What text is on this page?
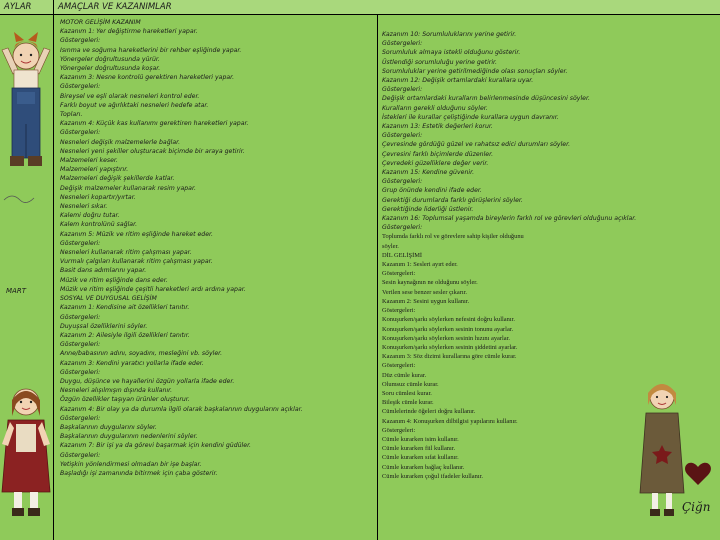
AYLAR	AMAÇLAR VE KAZANIMLAR
MART
MOTOR GELİŞİM KAZANIM
Kazanım 1: Yer değiştirme hareketleri yapar.
Göstergeleri:
Isınma ve soğuma hareketlerini bir rehber eşliğinde yapar.
Yönergeler doğrultusunda yürür.
Yönergeler doğrultusunda koşar.
Kazanım 3: Nesne kontrolü gerektiren hareketleri yapar.
Göstergeleri:
Bireysel ve eşli olarak nesneleri kontrol eder.
Farklı boyut ve ağırlıktaki nesneleri hedefe atar.
Topları.
Kazanım 4: Küçük kas kullanımı gerektiren hareketleri yapar.
Göstergeleri:
Nesneleri değişik malzemelerle bağlar.
Nesneleri yeni şekiller oluşturacak biçimde bir araya getirir.
Malzemeleri keser.
Malzemeleri yapıştırır.
Malzemeleri değişik şekillerde katlar.
Değişik malzemeler kullanarak resim yapar.
Nesneleri kopartır/yırtar.
Nesneleri sıkar.
Kalemi doğru tutar.
Kalem kontrolünü sağlar.
Kazanım 5: Müzik ve ritim eşliğinde hareket eder.
Göstergeleri:
Nesneleri kullanarak ritim çalışması yapar.
Vurmalı çalgıları kullanarak ritim çalışması yapar.
Basit dans adımlarını yapar.
Müzik ve ritim eşliğinde dans eder.
Müzik ve ritim eşliğinde çeşitli hareketleri ardı ardına yapar.
SOSYAL VE DUYGUSAL GELİŞİM
Kazanım 1: Kendisine ait özellikleri tanıtır.
Göstergeleri:
Duyuşsal özelliklerini söyler.
Kazanım 2: Ailesiyle ilgili özellikleri tanıtır.
Göstergeleri:
Anne/babasının adını, soyadını, mesleğini vb. söyler.
Kazanım 3: Kendini yaratıcı yollarla ifade eder.
Göstergeleri:
Duygu, düşünce ve hayallerini özgün yollarla ifade eder.
Nesneleri alışılmışın dışında kullanır.
Özgün özellikler taşıyan ürünler oluşturur.
Kazanım 4: Bir olay ya da durumla ilgili olarak başkalarının duygularını açıklar.
Göstergeleri:
Başkalarının duygularını söyler.
Başkalarının duygularının nedenlerini söyler.
Kazanım 7: Bir işi ya da görevi başarmak için kendini güdüler.
Göstergeleri:
Yetişkin yönlendirmesi olmadan bir işe başlar.
Başladığı işi zamanında bitirmek için çaba gösterir.
Kazanım 10: Sorumluluklarını yerine getirir.
Göstergeleri:
Sorumluluk almaya istekli olduğunu gösterir.
Üstlendiği sorumluluğu yerine getirir.
Sorumluluklar yerine getirilmediğinde olası sonuçları söyler.
Kazanım 12: Değişik ortamlardaki kurallara uyar.
Göstergeleri:
Değişik ortamlardaki kuralların belirlenmesinde düşüncesini söyler.
Kuralların gerekli olduğunu söyler.
İstekleri ile kurallar çeliştiğinde kurallara uygun davranır.
Kazanım 13: Estetik değerleri korur.
Göstergeleri:
Çevresinde gördüğü güzel ve rahatsız edici durumları söyler.
Çevresini farklı biçimlerde düzenler.
Çevredeki güzelliklere değer verir.
Kazanım 15: Kendine güvenir.
Göstergeleri:
Grup önünde kendini ifade eder.
Gerektiği durumlarda farklı görüşlerini söyler.
Gerektiğinde liderliği üstlenir.
Kazanım 16: Toplumsal yaşamda bireylerin farklı rol ve görevleri olduğunu açıklar.
Göstergeleri:
Toplumda farklı rol ve görevlere sahip kişiler olduğunu
söyler.
DİL GELİŞİMİ
Kazanım 1: Sesleri ayırt eder.
Göstergeleri:
Sesin kaynağının ne olduğunu söyler.
Verilen sese benzer sesler çıkarır.
Kazanım 2: Sesini uygun kullanır.
Göstergeleri:
Konuşurken/şarkı söylerken nefesini doğru kullanır.
Konuşurken/şarkı söylerken sesinin tonunu ayarlar.
Konuşurken/şarkı söylerken sesinin hızını ayarlar.
Konuşurken/şarkı söylerken sesinin şiddetini ayarlar.
Kazanım 3: Söz dizimi kurallarına göre cümle kurar.
Göstergeleri:
Düz cümle kurar.
Olumsuz cümle kurar.
Soru cümlesi kurar.
Bileşik cümle kurar.
Cümlelerinde öğeleri doğru kullanır.
Kazanım 4: Konuşurken dilbilgisi yapılarını kullanır.
Göstergeleri:
Cümle kurarken isim kullanır.
Cümle kurarken fiil kullanır.
Cümle kurarken sıfat kullanır.
Cümle kurarken bağlaç kullanır.
Cümle kurarken çoğul ifadeler kullanır.
Çiğn
